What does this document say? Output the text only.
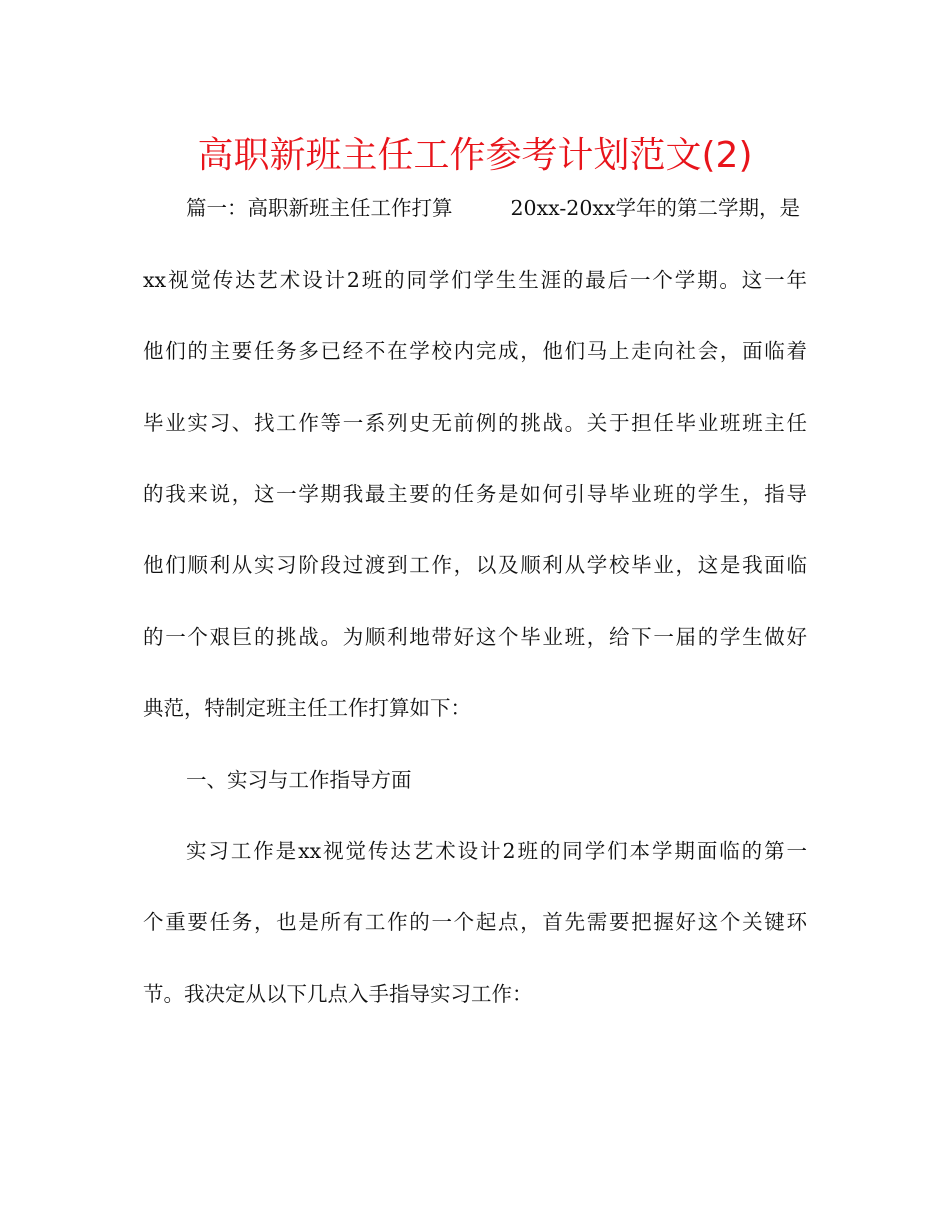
高职新班主任工作参考计划范文(2)
篇一：高职新班主任工作打算	20xx-20xx学年的第二学期，是
xx视觉传达艺术设计2班的同学们学生生涯的最后一个学期。这一年
他们的主要任务多已经不在学校内完成，他们马上走向社会，面临着
毕业实习、找工作等一系列史无前例的挑战。关于担任毕业班班主任
的我来说，这一学期我最主要的任务是如何引导毕业班的学生，指导
他们顺利从实习阶段过渡到工作，以及顺利从学校毕业，这是我面临
的一个艰巨的挑战。为顺利地带好这个毕业班，给下一届的学生做好
典范，特制定班主任工作打算如下：
一、实习与工作指导方面
实习工作是xx视觉传达艺术设计2班的同学们本学期面临的第一
个重要任务，也是所有工作的一个起点，首先需要把握好这个关键环
节。我决定从以下几点入手指导实习工作：
